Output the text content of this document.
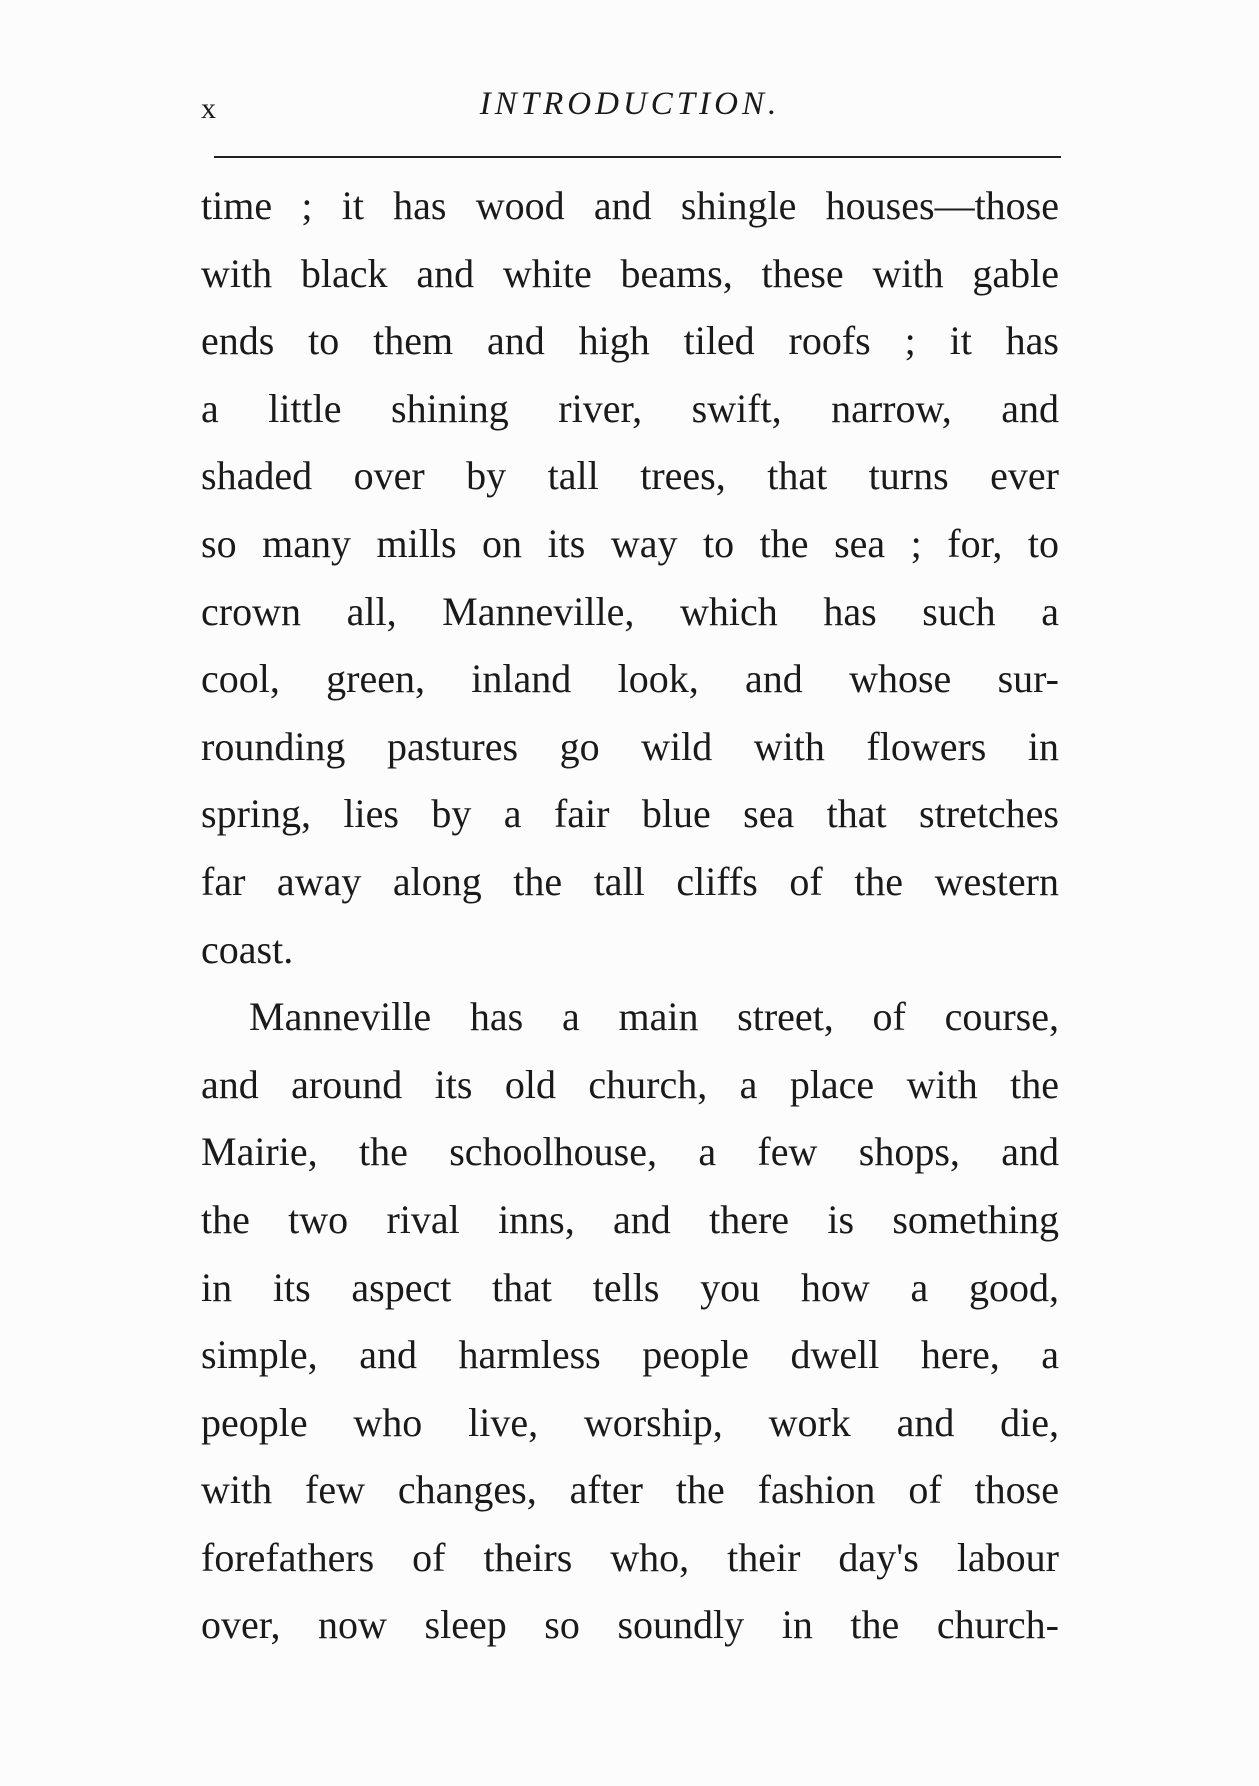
x	INTRODUCTION.
time ; it has wood and shingle houses—those
with black and white beams, these with gable
ends to them and high tiled roofs ; it has
a little shining river, swift, narrow, and
shaded over by tall trees, that turns ever
so many mills on its way to the sea ; for, to
crown all, Manneville, which has such a
cool, green, inland look, and whose sur-
rounding pastures go wild with flowers in
spring, lies by a fair blue sea that stretches
far away along the tall cliffs of the western
coast.
Manneville has a main street, of course,
and around its old church, a place with the
Mairie, the schoolhouse, a few shops, and
the two rival inns, and there is something
in its aspect that tells you how a good,
simple, and harmless people dwell here, a
people who live, worship, work and die,
with few changes, after the fashion of those
forefathers of theirs who, their day's labour
over, now sleep so soundly in the church-
